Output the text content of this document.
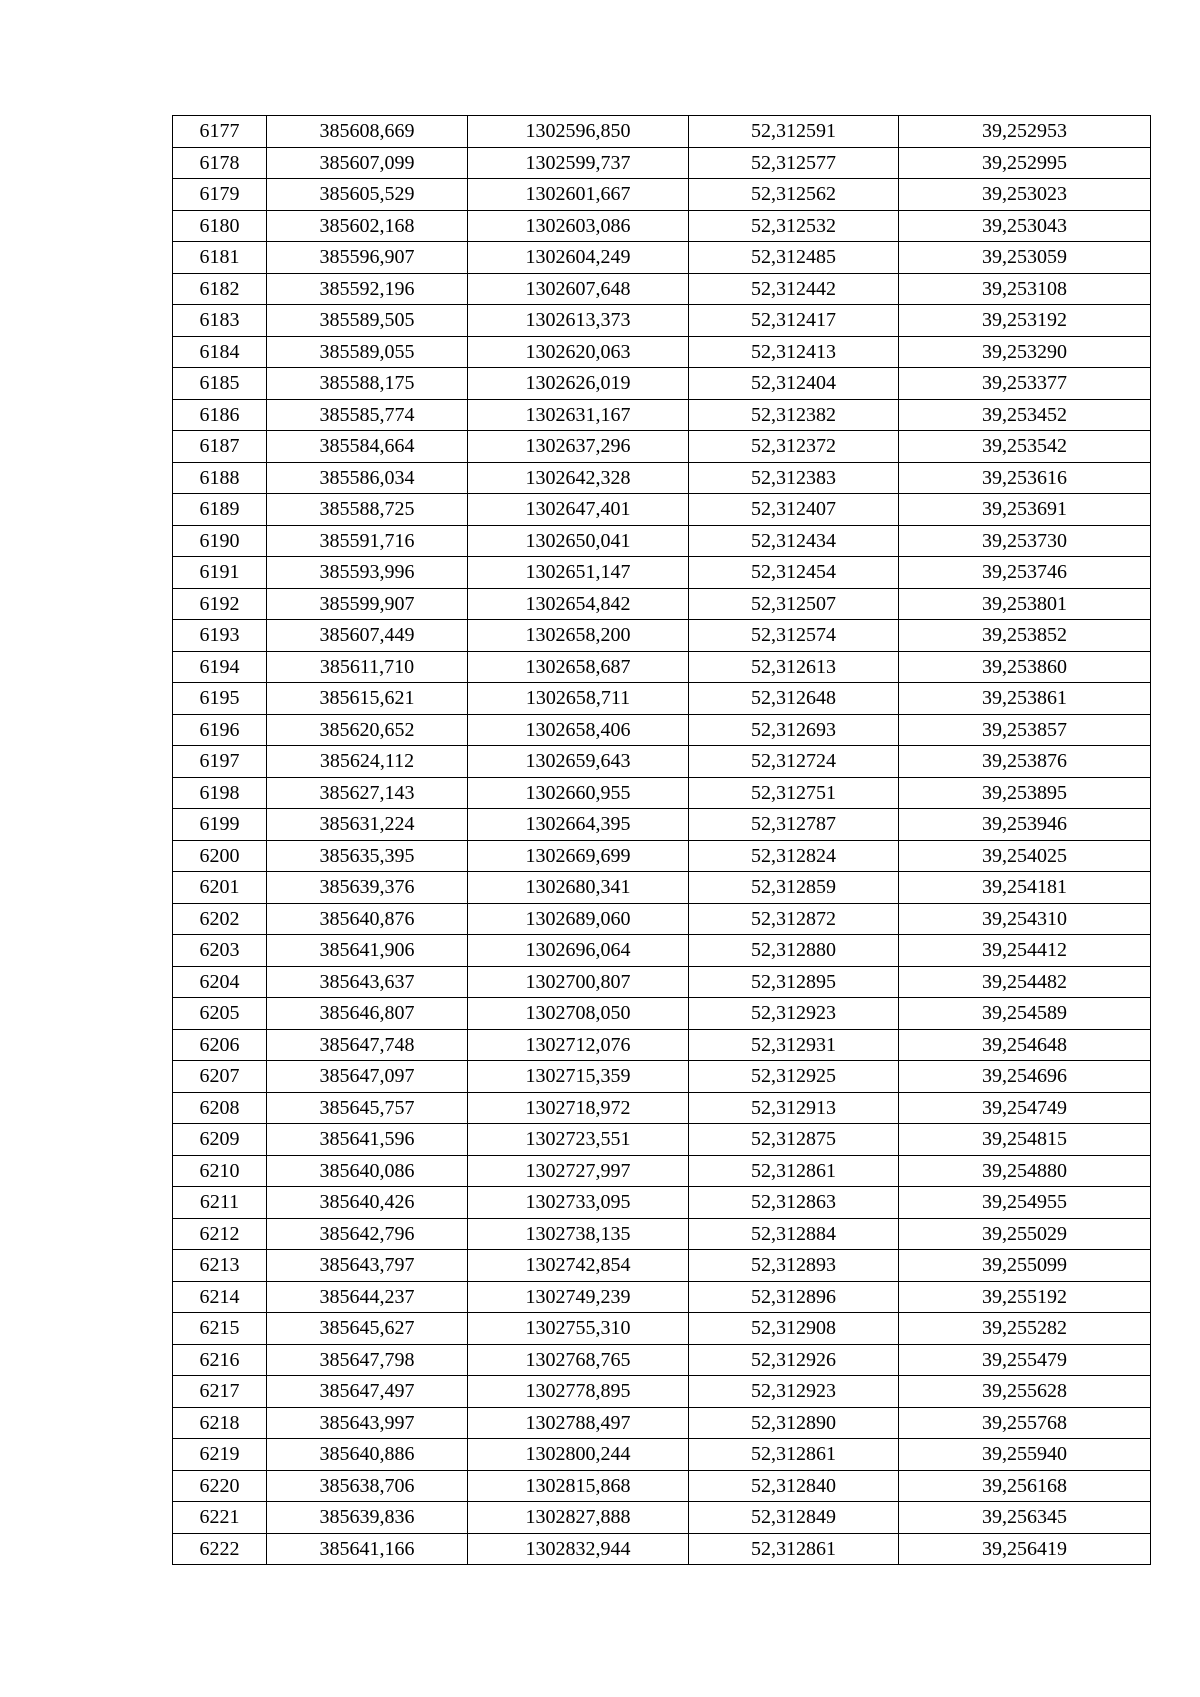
6177	385608,669	1302596,850	52,312591	39,252953
6178	385607,099	1302599,737	52,312577	39,252995
6179	385605,529	1302601,667	52,312562	39,253023
6180	385602,168	1302603,086	52,312532	39,253043
6181	385596,907	1302604,249	52,312485	39,253059
6182	385592,196	1302607,648	52,312442	39,253108
6183	385589,505	1302613,373	52,312417	39,253192
6184	385589,055	1302620,063	52,312413	39,253290
6185	385588,175	1302626,019	52,312404	39,253377
6186	385585,774	1302631,167	52,312382	39,253452
6187	385584,664	1302637,296	52,312372	39,253542
6188	385586,034	1302642,328	52,312383	39,253616
6189	385588,725	1302647,401	52,312407	39,253691
6190	385591,716	1302650,041	52,312434	39,253730
6191	385593,996	1302651,147	52,312454	39,253746
6192	385599,907	1302654,842	52,312507	39,253801
6193	385607,449	1302658,200	52,312574	39,253852
6194	385611,710	1302658,687	52,312613	39,253860
6195	385615,621	1302658,711	52,312648	39,253861
6196	385620,652	1302658,406	52,312693	39,253857
6197	385624,112	1302659,643	52,312724	39,253876
6198	385627,143	1302660,955	52,312751	39,253895
6199	385631,224	1302664,395	52,312787	39,253946
6200	385635,395	1302669,699	52,312824	39,254025
6201	385639,376	1302680,341	52,312859	39,254181
6202	385640,876	1302689,060	52,312872	39,254310
6203	385641,906	1302696,064	52,312880	39,254412
6204	385643,637	1302700,807	52,312895	39,254482
6205	385646,807	1302708,050	52,312923	39,254589
6206	385647,748	1302712,076	52,312931	39,254648
6207	385647,097	1302715,359	52,312925	39,254696
6208	385645,757	1302718,972	52,312913	39,254749
6209	385641,596	1302723,551	52,312875	39,254815
6210	385640,086	1302727,997	52,312861	39,254880
6211	385640,426	1302733,095	52,312863	39,254955
6212	385642,796	1302738,135	52,312884	39,255029
6213	385643,797	1302742,854	52,312893	39,255099
6214	385644,237	1302749,239	52,312896	39,255192
6215	385645,627	1302755,310	52,312908	39,255282
6216	385647,798	1302768,765	52,312926	39,255479
6217	385647,497	1302778,895	52,312923	39,255628
6218	385643,997	1302788,497	52,312890	39,255768
6219	385640,886	1302800,244	52,312861	39,255940
6220	385638,706	1302815,868	52,312840	39,256168
6221	385639,836	1302827,888	52,312849	39,256345
6222	385641,166	1302832,944	52,312861	39,256419
